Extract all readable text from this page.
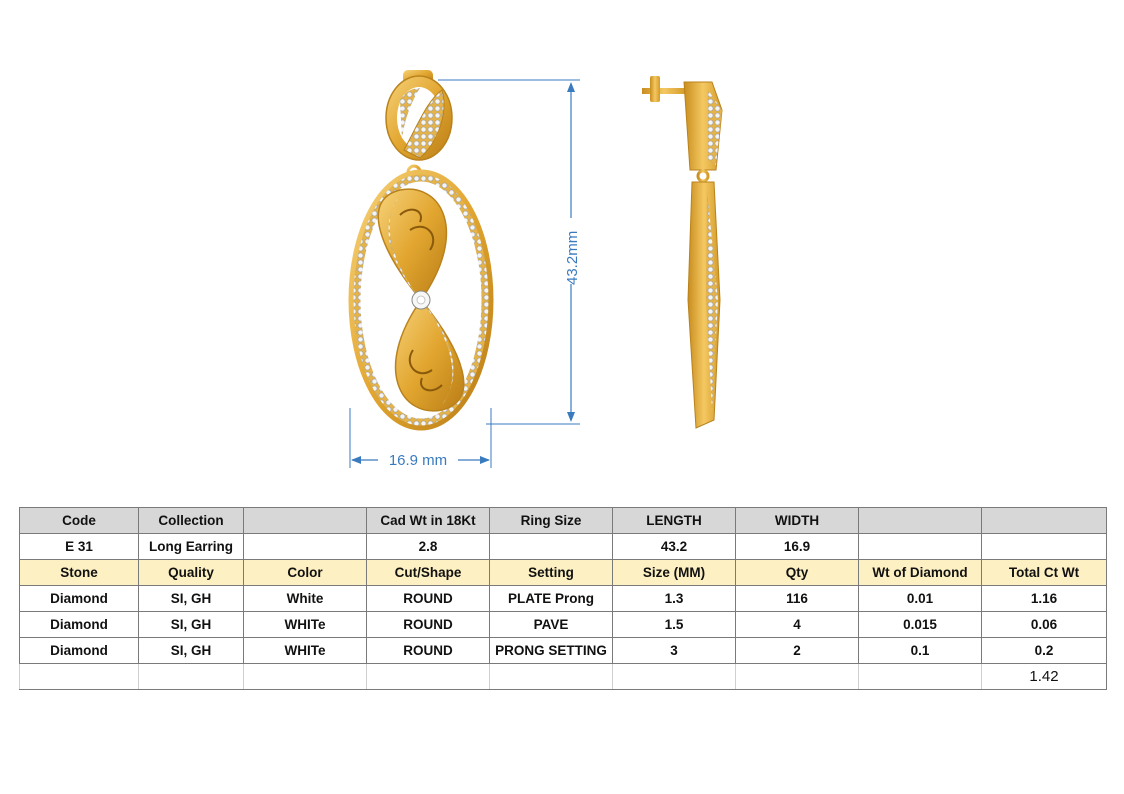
43.2mm
16.9 mm
Code	Collection		Cad Wt in 18Kt	Ring Size	LENGTH	WIDTH		
E 31	Long Earring		2.8		43.2	16.9		
Stone	Quality	Color	Cut/Shape	Setting	Size (MM)	Qty	Wt of Diamond	Total Ct Wt
Diamond	SI, GH	White	ROUND	PLATE Prong	1.3	116	0.01	1.16
Diamond	SI, GH	WHITe	ROUND	PAVE	1.5	4	0.015	0.06
Diamond	SI, GH	WHITe	ROUND	PRONG SETTING	3	2	0.1	0.2
								1.42
